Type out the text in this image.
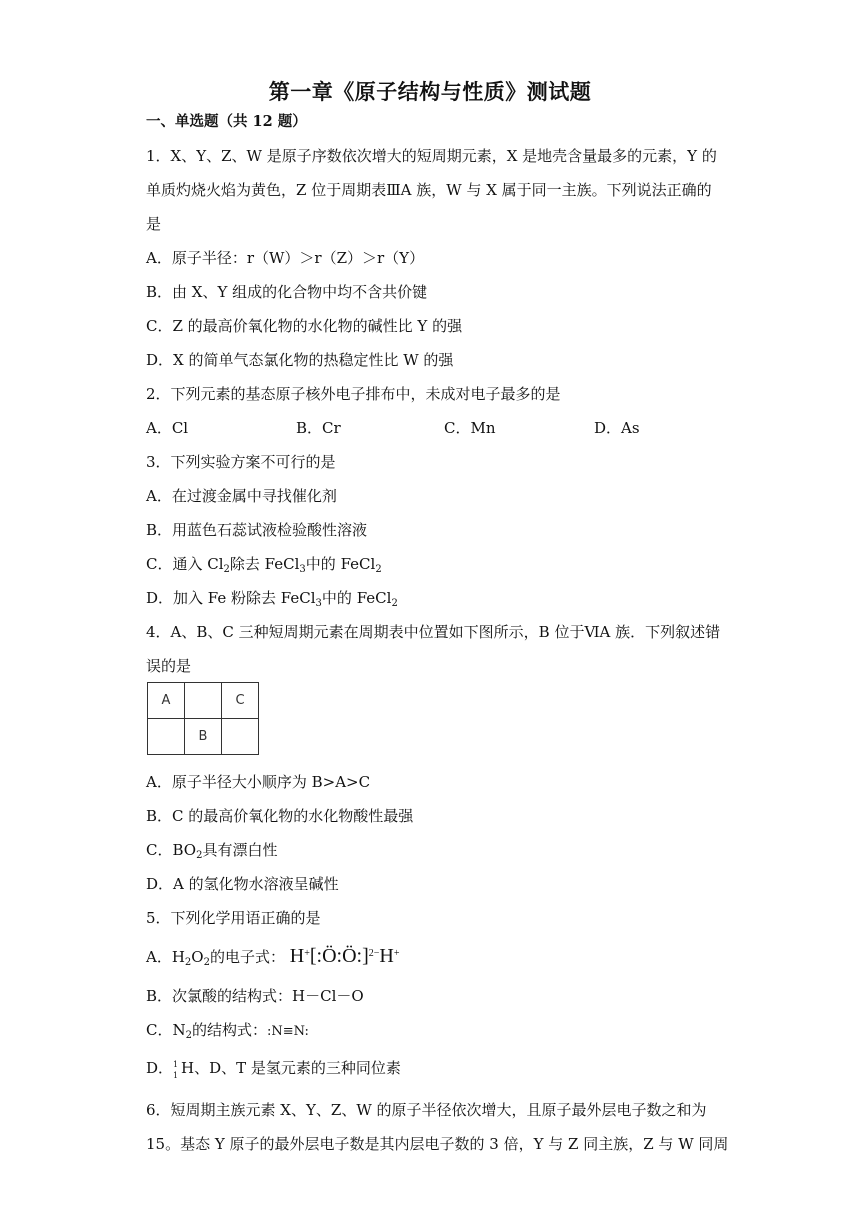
第一章《原子结构与性质》测试题
一、单选题（共 12 题）
1．X、Y、Z、W 是原子序数依次增大的短周期元素，X 是地壳含量最多的元素，Y 的
单质灼烧火焰为黄色，Z 位于周期表ⅢA 族，W 与 X 属于同一主族。下列说法正确的
是
A．原子半径：r（W）＞r（Z）＞r（Y）
B．由 X、Y 组成的化合物中均不含共价键
C．Z 的最高价氧化物的水化物的碱性比 Y 的强
D．X 的简单气态氯化物的热稳定性比 W 的强
2．下列元素的基态原子核外电子排布中，未成对电子最多的是
A．Cl	B．Cr	C．Mn	D．As
3．下列实验方案不可行的是
A．在过渡金属中寻找催化剂
B．用蓝色石蕊试液检验酸性溶液
C．通入 $Cl_2$除去 FeCl$_3$中的 FeCl$_2$
D．加入 Fe 粉除去 FeCl$_3$中的 FeCl$_2$
4．A、B、C 三种短周期元素在周期表中位置如下图所示，B 位于ⅥA 族．下列叙述错
误的是
A		C
	B	
A．原子半径大小顺序为 B>A>C
B．C 的最高价氧化物的水化物酸性最强
C．$BO_2$具有漂白性
D．A 的氢化物水溶液呈碱性
5．下列化学用语正确的是
A．$H_2O_2$的电子式： H+[:Ö:Ö:]$^{2-}$H+
B．次氯酸的结构式：H－Cl－O
C．$N_2$的结构式：:N≡N:
D． 1
1 H、D、T 是氢元素的三种同位素
6．短周期主族元素 X、Y、Z、W 的原子半径依次增大，且原子最外层电子数之和为
15。基态 Y 原子的最外层电子数是其内层电子数的 3 倍，Y 与 Z 同主族，Z 与 W 同周
